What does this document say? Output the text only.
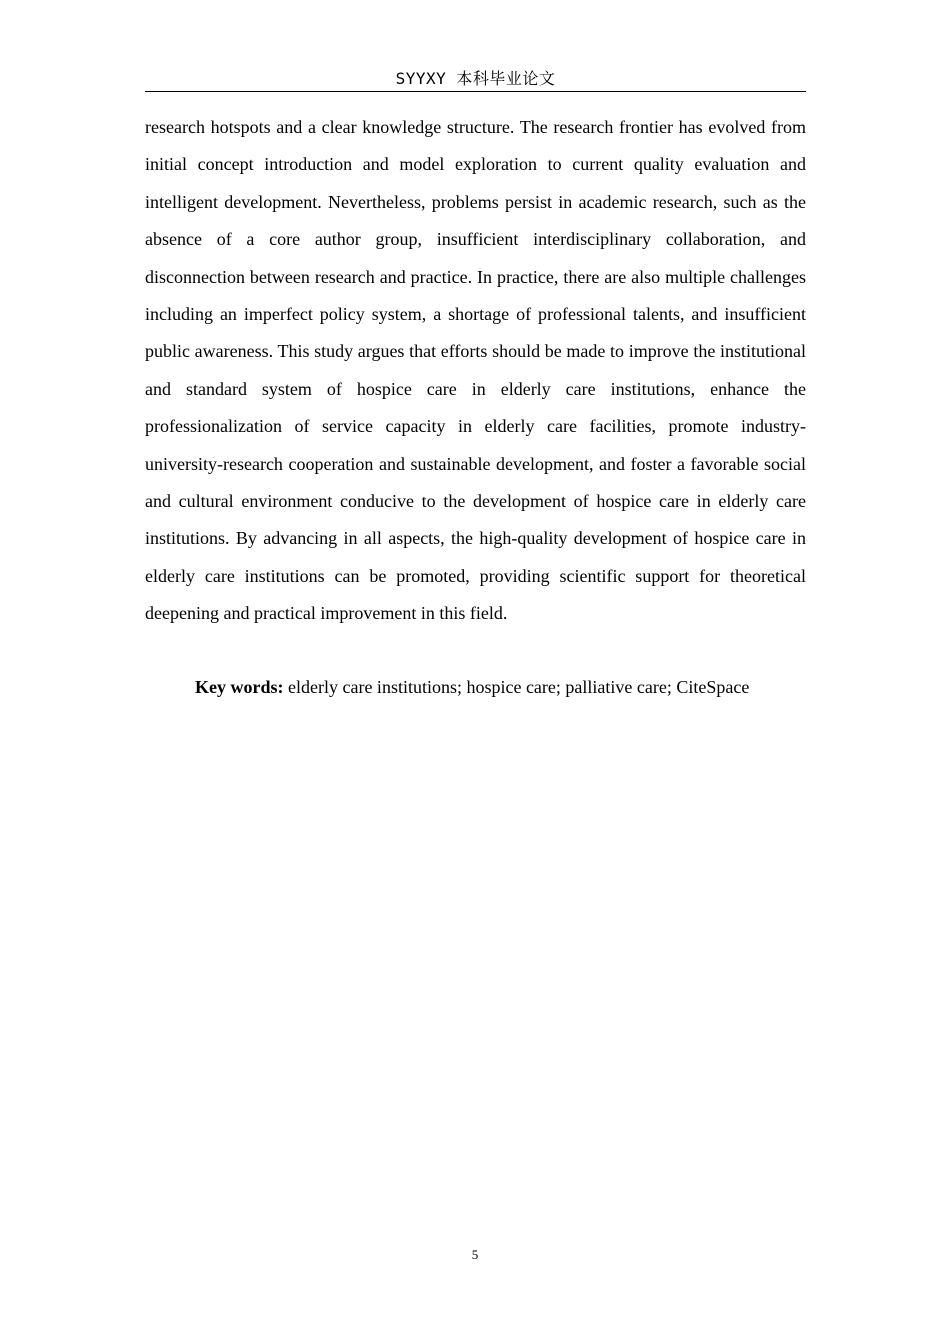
SYYXY 本科毕业论文

research hotspots and a clear knowledge structure. The research frontier has evolved from initial concept introduction and model exploration to current quality evaluation and intelligent development. Nevertheless, problems persist in academic research, such as the absence of a core author group, insufficient interdisciplinary collaboration, and disconnection between research and practice. In practice, there are also multiple challenges including an imperfect policy system, a shortage of professional talents, and insufficient public awareness. This study argues that efforts should be made to improve the institutional and standard system of hospice care in elderly care institutions, enhance the professionalization of service capacity in elderly care facilities, promote industry-university-research cooperation and sustainable development, and foster a favorable social and cultural environment conducive to the development of hospice care in elderly care institutions. By advancing in all aspects, the high-quality development of hospice care in elderly care institutions can be promoted, providing scientific support for theoretical deepening and practical improvement in this field.

Key words: elderly care institutions; hospice care; palliative care; CiteSpace

5
